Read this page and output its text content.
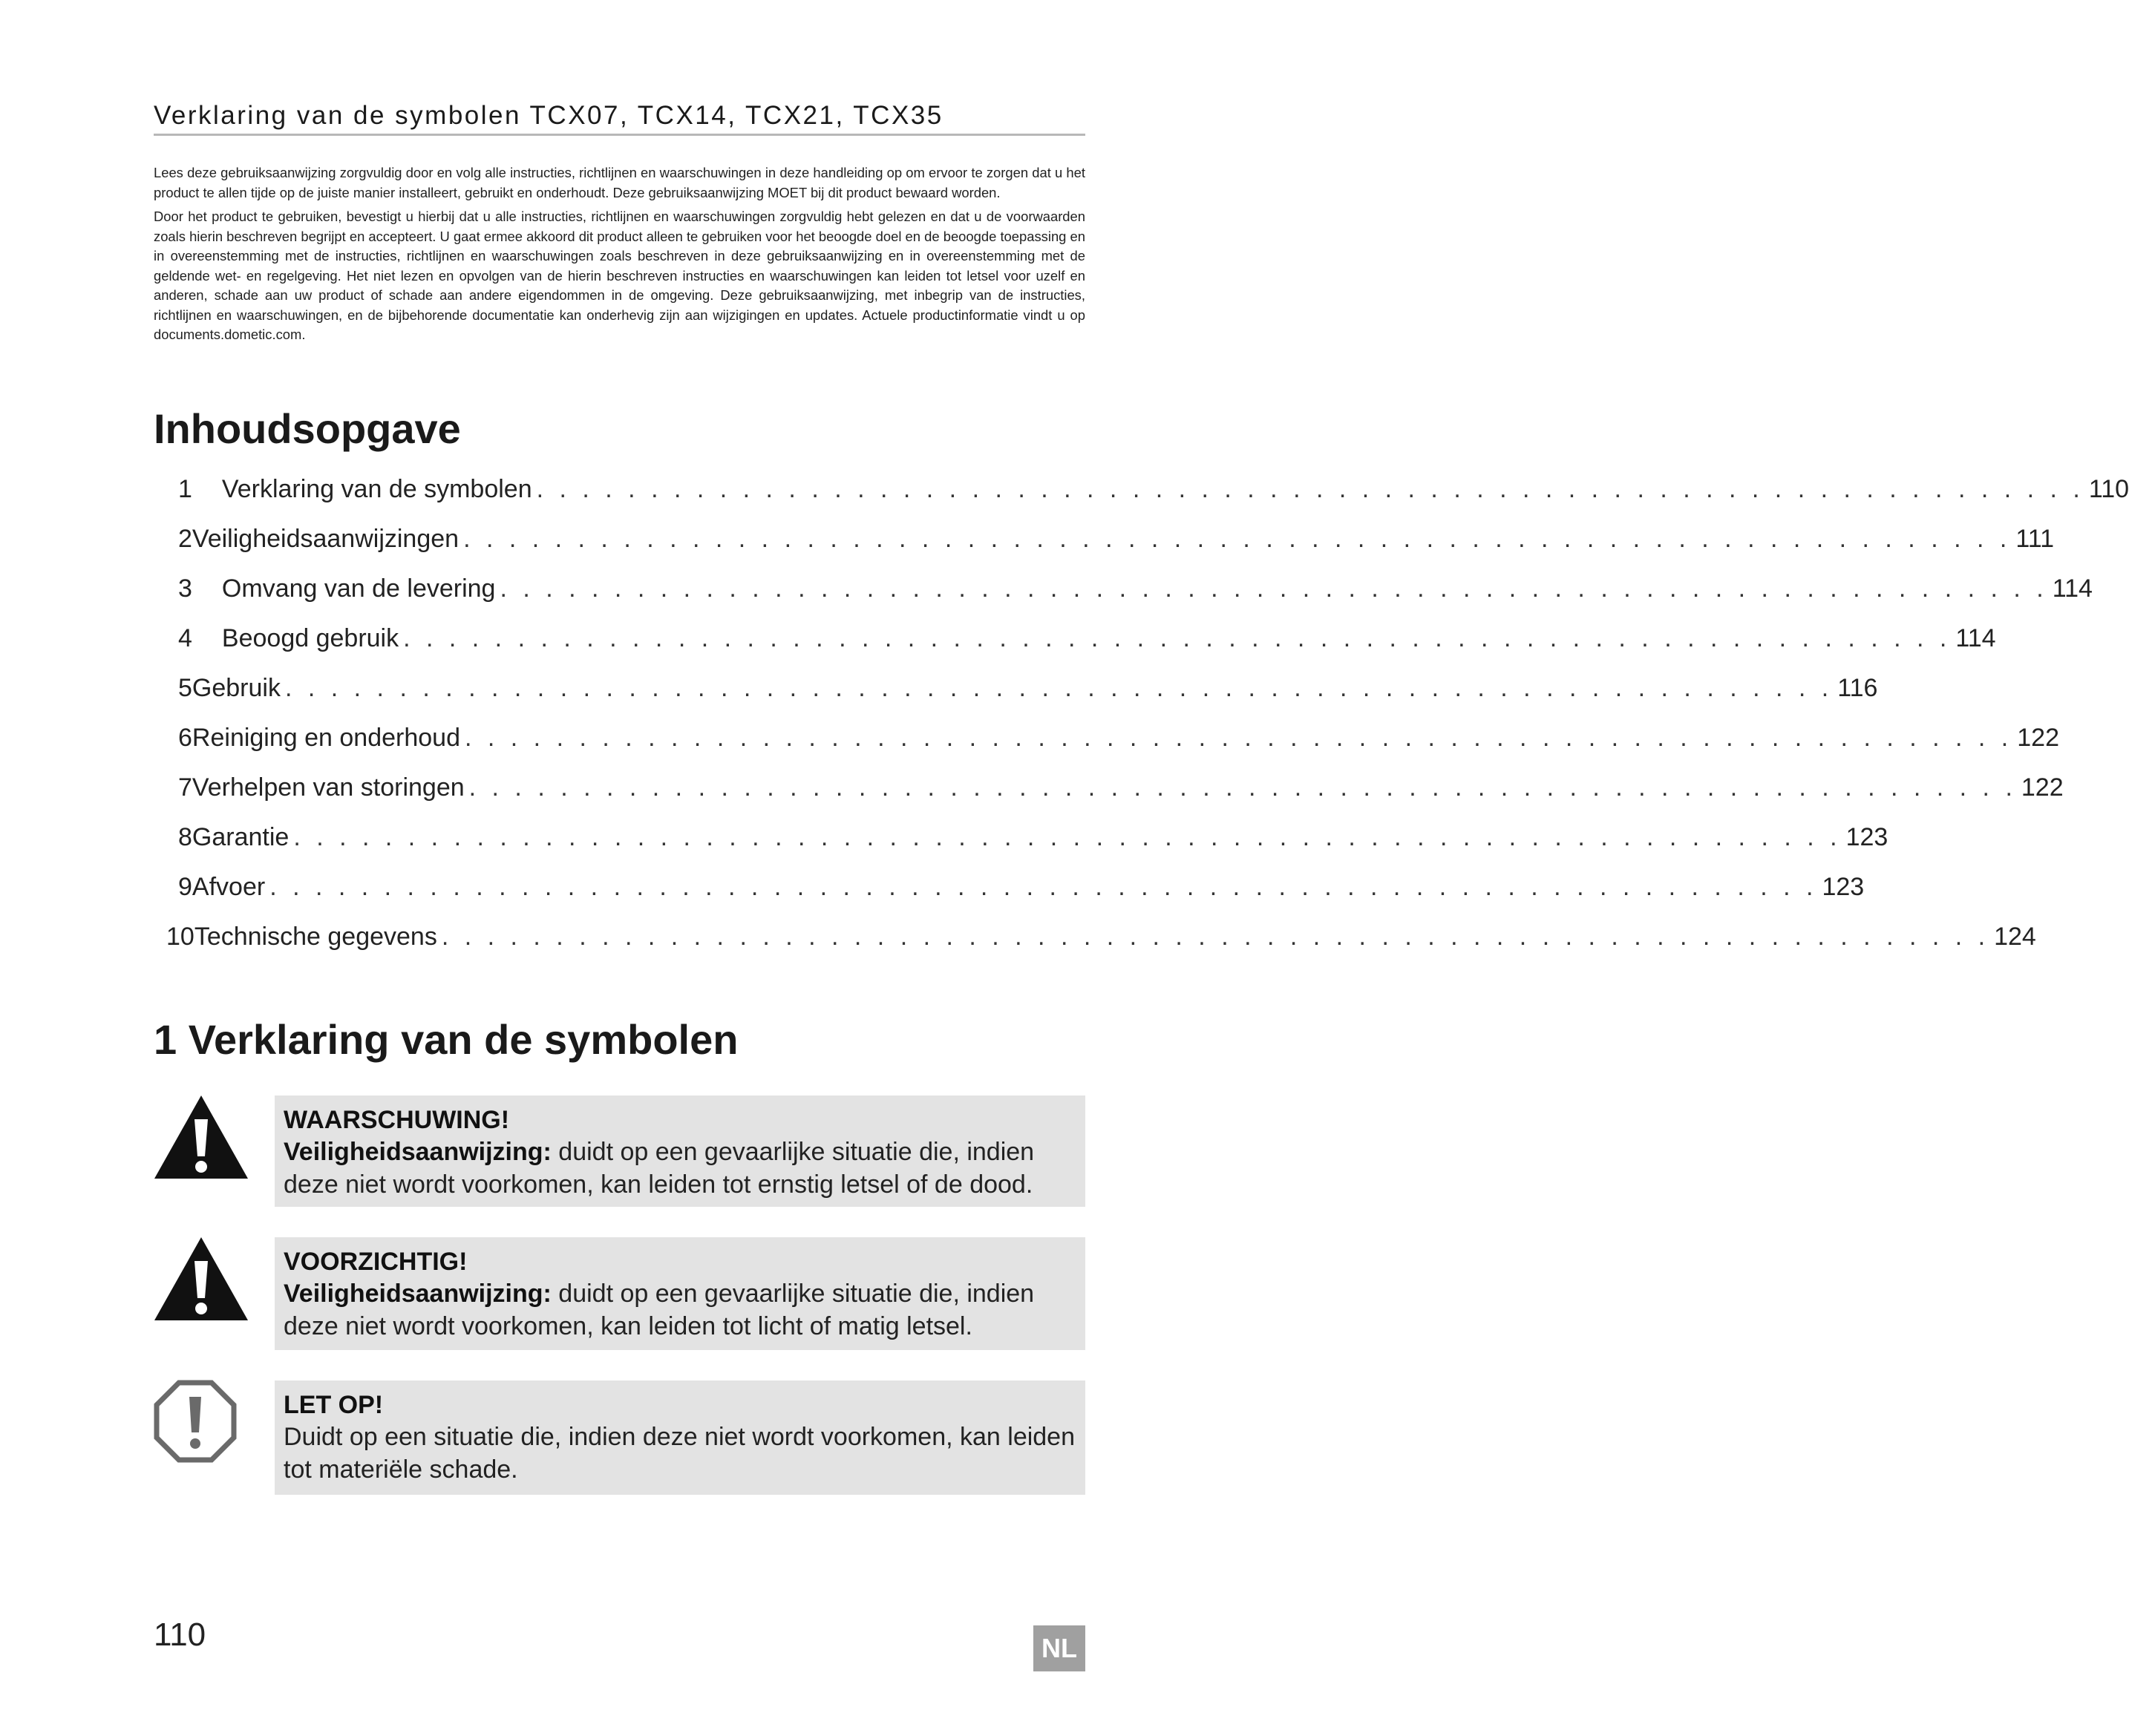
Verklaring van de symbolen TCX07, TCX14, TCX21, TCX35

Lees deze gebruiksaanwijzing zorgvuldig door en volg alle instructies, richtlijnen en waarschuwingen in deze handleiding op om ervoor te zorgen dat u het product te allen tijde op de juiste manier installeert, gebruikt en onderhoudt. Deze gebruiksaanwijzing MOET bij dit product bewaard worden.

Door het product te gebruiken, bevestigt u hierbij dat u alle instructies, richtlijnen en waarschuwingen zorgvuldig hebt gelezen en dat u de voorwaarden zoals hierin beschreven begrijpt en accepteert. U gaat ermee akkoord dit product alleen te gebruiken voor het beoogde doel en de beoogde toepassing en in overeenstemming met de instructies, richtlijnen en waarschuwingen zoals beschreven in deze gebruiksaanwijzing en in overeenstemming met de geldende wet- en regelgeving. Het niet lezen en opvolgen van de hierin beschreven instructies en waarschuwingen kan leiden tot letsel voor uzelf en anderen, schade aan uw product of schade aan andere eigendommen in de omgeving. Deze gebruiksaanwijzing, met inbegrip van de instructies, richtlijnen en waarschuwingen, en de bijbehorende documentatie kan onderhevig zijn aan wijzigingen en updates. Actuele productinformatie vindt u op documents.dometic.com.

Inhoudsopgave
1 Verklaring van de symbolen . . . . . . . . . . . . . . . . . . . . . . . . . . . . . . . . . . . . . . . . . . . . . . . . . . . . . . . . . . . . . . . . . . . . 110
2 Veiligheidsaanwijzingen . . . . . . . . . . . . . . . . . . . . . . . . . . . . . . . . . . . . . . . . . . . . . . . . . . . . . . . . . . . . . . . . . . . . 111
3 Omvang van de levering . . . . . . . . . . . . . . . . . . . . . . . . . . . . . . . . . . . . . . . . . . . . . . . . . . . . . . . . . . . . . . . . . . . . 114
4 Beoogd gebruik . . . . . . . . . . . . . . . . . . . . . . . . . . . . . . . . . . . . . . . . . . . . . . . . . . . . . . . . . . . . . . . . . . . . 114
5 Gebruik . . . . . . . . . . . . . . . . . . . . . . . . . . . . . . . . . . . . . . . . . . . . . . . . . . . . . . . . . . . . . . . . . . . . 116
6 Reiniging en onderhoud . . . . . . . . . . . . . . . . . . . . . . . . . . . . . . . . . . . . . . . . . . . . . . . . . . . . . . . . . . . . . . . . . . . . 122
7 Verhelpen van storingen . . . . . . . . . . . . . . . . . . . . . . . . . . . . . . . . . . . . . . . . . . . . . . . . . . . . . . . . . . . . . . . . . . . . 122
8 Garantie . . . . . . . . . . . . . . . . . . . . . . . . . . . . . . . . . . . . . . . . . . . . . . . . . . . . . . . . . . . . . . . . . . . . 123
9 Afvoer . . . . . . . . . . . . . . . . . . . . . . . . . . . . . . . . . . . . . . . . . . . . . . . . . . . . . . . . . . . . . . . . . . . . 123
10 Technische gegevens . . . . . . . . . . . . . . . . . . . . . . . . . . . . . . . . . . . . . . . . . . . . . . . . . . . . . . . . . . . . . . . . . . . . 124
1 Verklaring van de symbolen
WAARSCHUWING!
Veiligheidsaanwijzing: duidt op een gevaarlijke situatie die, indien deze niet wordt voorkomen, kan leiden tot ernstig letsel of de dood.
VOORZICHTIG!
Veiligheidsaanwijzing: duidt op een gevaarlijke situatie die, indien deze niet wordt voorkomen, kan leiden tot licht of matig letsel.
LET OP!
Duidt op een situatie die, indien deze niet wordt voorkomen, kan leiden tot materiële schade.
110	NL
